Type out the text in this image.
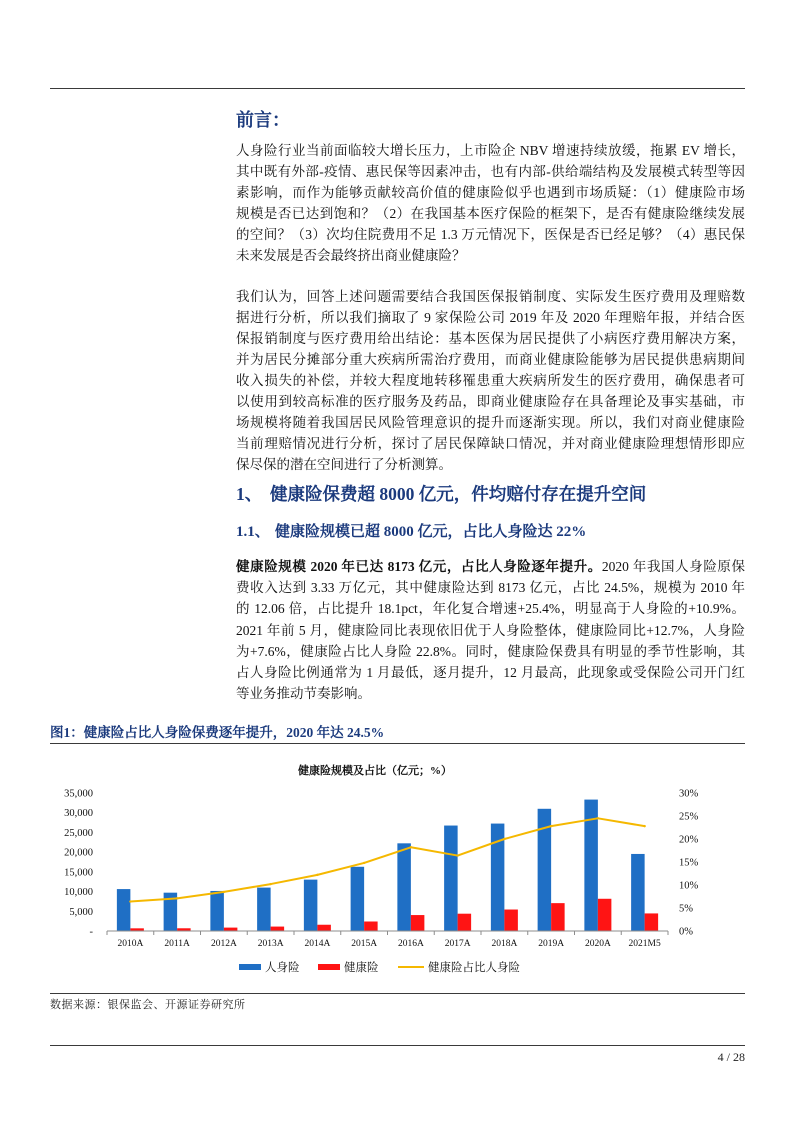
前言：
人身险行业当前面临较大增长压力，上市险企 NBV 增速持续放缓，拖累 EV 增长，
其中既有外部-疫情、惠民保等因素冲击，也有内部-供给端结构及发展模式转型等因
素影响，而作为能够贡献较高价值的健康险似乎也遇到市场质疑：（1）健康险市场
规模是否已达到饱和？（2）在我国基本医疗保险的框架下，是否有健康险继续发展
的空间？（3）次均住院费用不足 1.3 万元情况下，医保是否已经足够？（4）惠民保
未来发展是否会最终挤出商业健康险？
我们认为，回答上述问题需要结合我国医保报销制度、实际发生医疗费用及理赔数
据进行分析，所以我们摘取了 9 家保险公司 2019 年及 2020 年理赔年报，并结合医
保报销制度与医疗费用给出结论：基本医保为居民提供了小病医疗费用解决方案，
并为居民分摊部分重大疾病所需治疗费用，而商业健康险能够为居民提供患病期间
收入损失的补偿，并较大程度地转移罹患重大疾病所发生的医疗费用，确保患者可
以使用到较高标准的医疗服务及药品，即商业健康险存在具备理论及事实基础，市
场规模将随着我国居民风险管理意识的提升而逐渐实现。所以，我们对商业健康险
当前理赔情况进行分析，探讨了居民保障缺口情况，并对商业健康险理想情形即应
保尽保的潜在空间进行了分析测算。
1、 健康险保费超 8000 亿元，件均赔付存在提升空间
1.1、 健康险规模已超 8000 亿元，占比人身险达 22%
健康险规模 2020 年已达 8173 亿元，占比人身险逐年提升。2020 年我国人身险原保
费收入达到 3.33 万亿元，其中健康险达到 8173 亿元，占比 24.5%，规模为 2010 年
的 12.06 倍，占比提升 18.1pct，年化复合增速+25.4%，明显高于人身险的+10.9%。
2021 年前 5 月，健康险同比表现依旧优于人身险整体，健康险同比+12.7%，人身险
为+7.6%，健康险占比人身险 22.8%。同时，健康险保费具有明显的季节性影响，其
占人身险比例通常为 1 月最低，逐月提升，12 月最高，此现象或受保险公司开门红
等业务推动节奏影响。
图1：健康险占比人身险保费逐年提升，2020 年达 24.5%
健康险规模及占比（亿元；%）
-
5,000
10,000
15,000
20,000
25,000
30,000
35,000
0%
5%
10%
15%
20%
25%
30%
2010A 2011A 2012A 2013A 2014A 2015A 2016A 2017A 2018A 2019A 2020A 2021M5
人身险	健康险	健康险占比人身险
数据来源：银保监会、开源证券研究所
4 / 28
